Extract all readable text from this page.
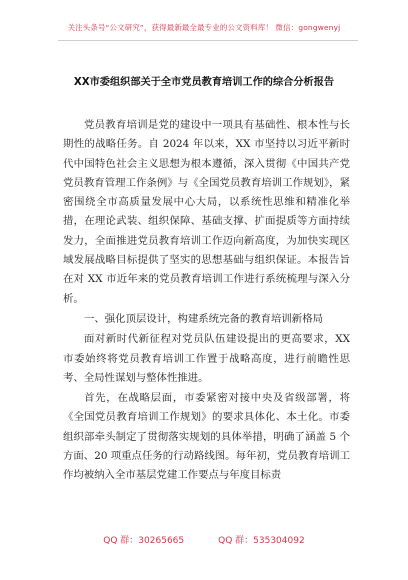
关注头条号“公文研究”，获得最新最全最专业的公文资料库！ 微信：gongwenyj
XX市委组织部关于全市党员教育培训工作的综合分析报告

党员教育培训是党的建设中一项具有基础性、根本性与长期性的战略任务。自 2024 年以来，XX 市坚持以习近平新时代中国特色社会主义思想为根本遵循，深入贯彻《中国共产党党员教育管理工作条例》与《全国党员教育培训工作规划》，紧密围绕全市高质量发展中心大局，以系统性思维和精准化举措，在理论武装、组织保障、基础支撑、扩面提质等方面持续发力，全面推进党员教育培训工作迈向新高度，为加快实现区域发展战略目标提供了坚实的思想基础与组织保证。本报告旨在对 XX 市近年来的党员教育培训工作进行系统梳理与深入分析。

一、强化顶层设计，构建系统完备的教育培训新格局

面对新时代新征程对党员队伍建设提出的更高要求，XX 市委始终将党员教育培训工作置于战略高度，进行前瞻性思考、全局性谋划与整体性推进。

首先，在战略层面，市委紧密对接中央及省级部署，将《全国党员教育培训工作规划》的要求具体化、本土化。市委组织部牵头制定了贯彻落实规划的具体举措，明确了涵盖 5 个方面、20 项重点任务的行动路线图。每年初，党员教育培训工作均被纳入全市基层党建工作要点与年度目标责

QQ 群：30265665	QQ 群：535304092
